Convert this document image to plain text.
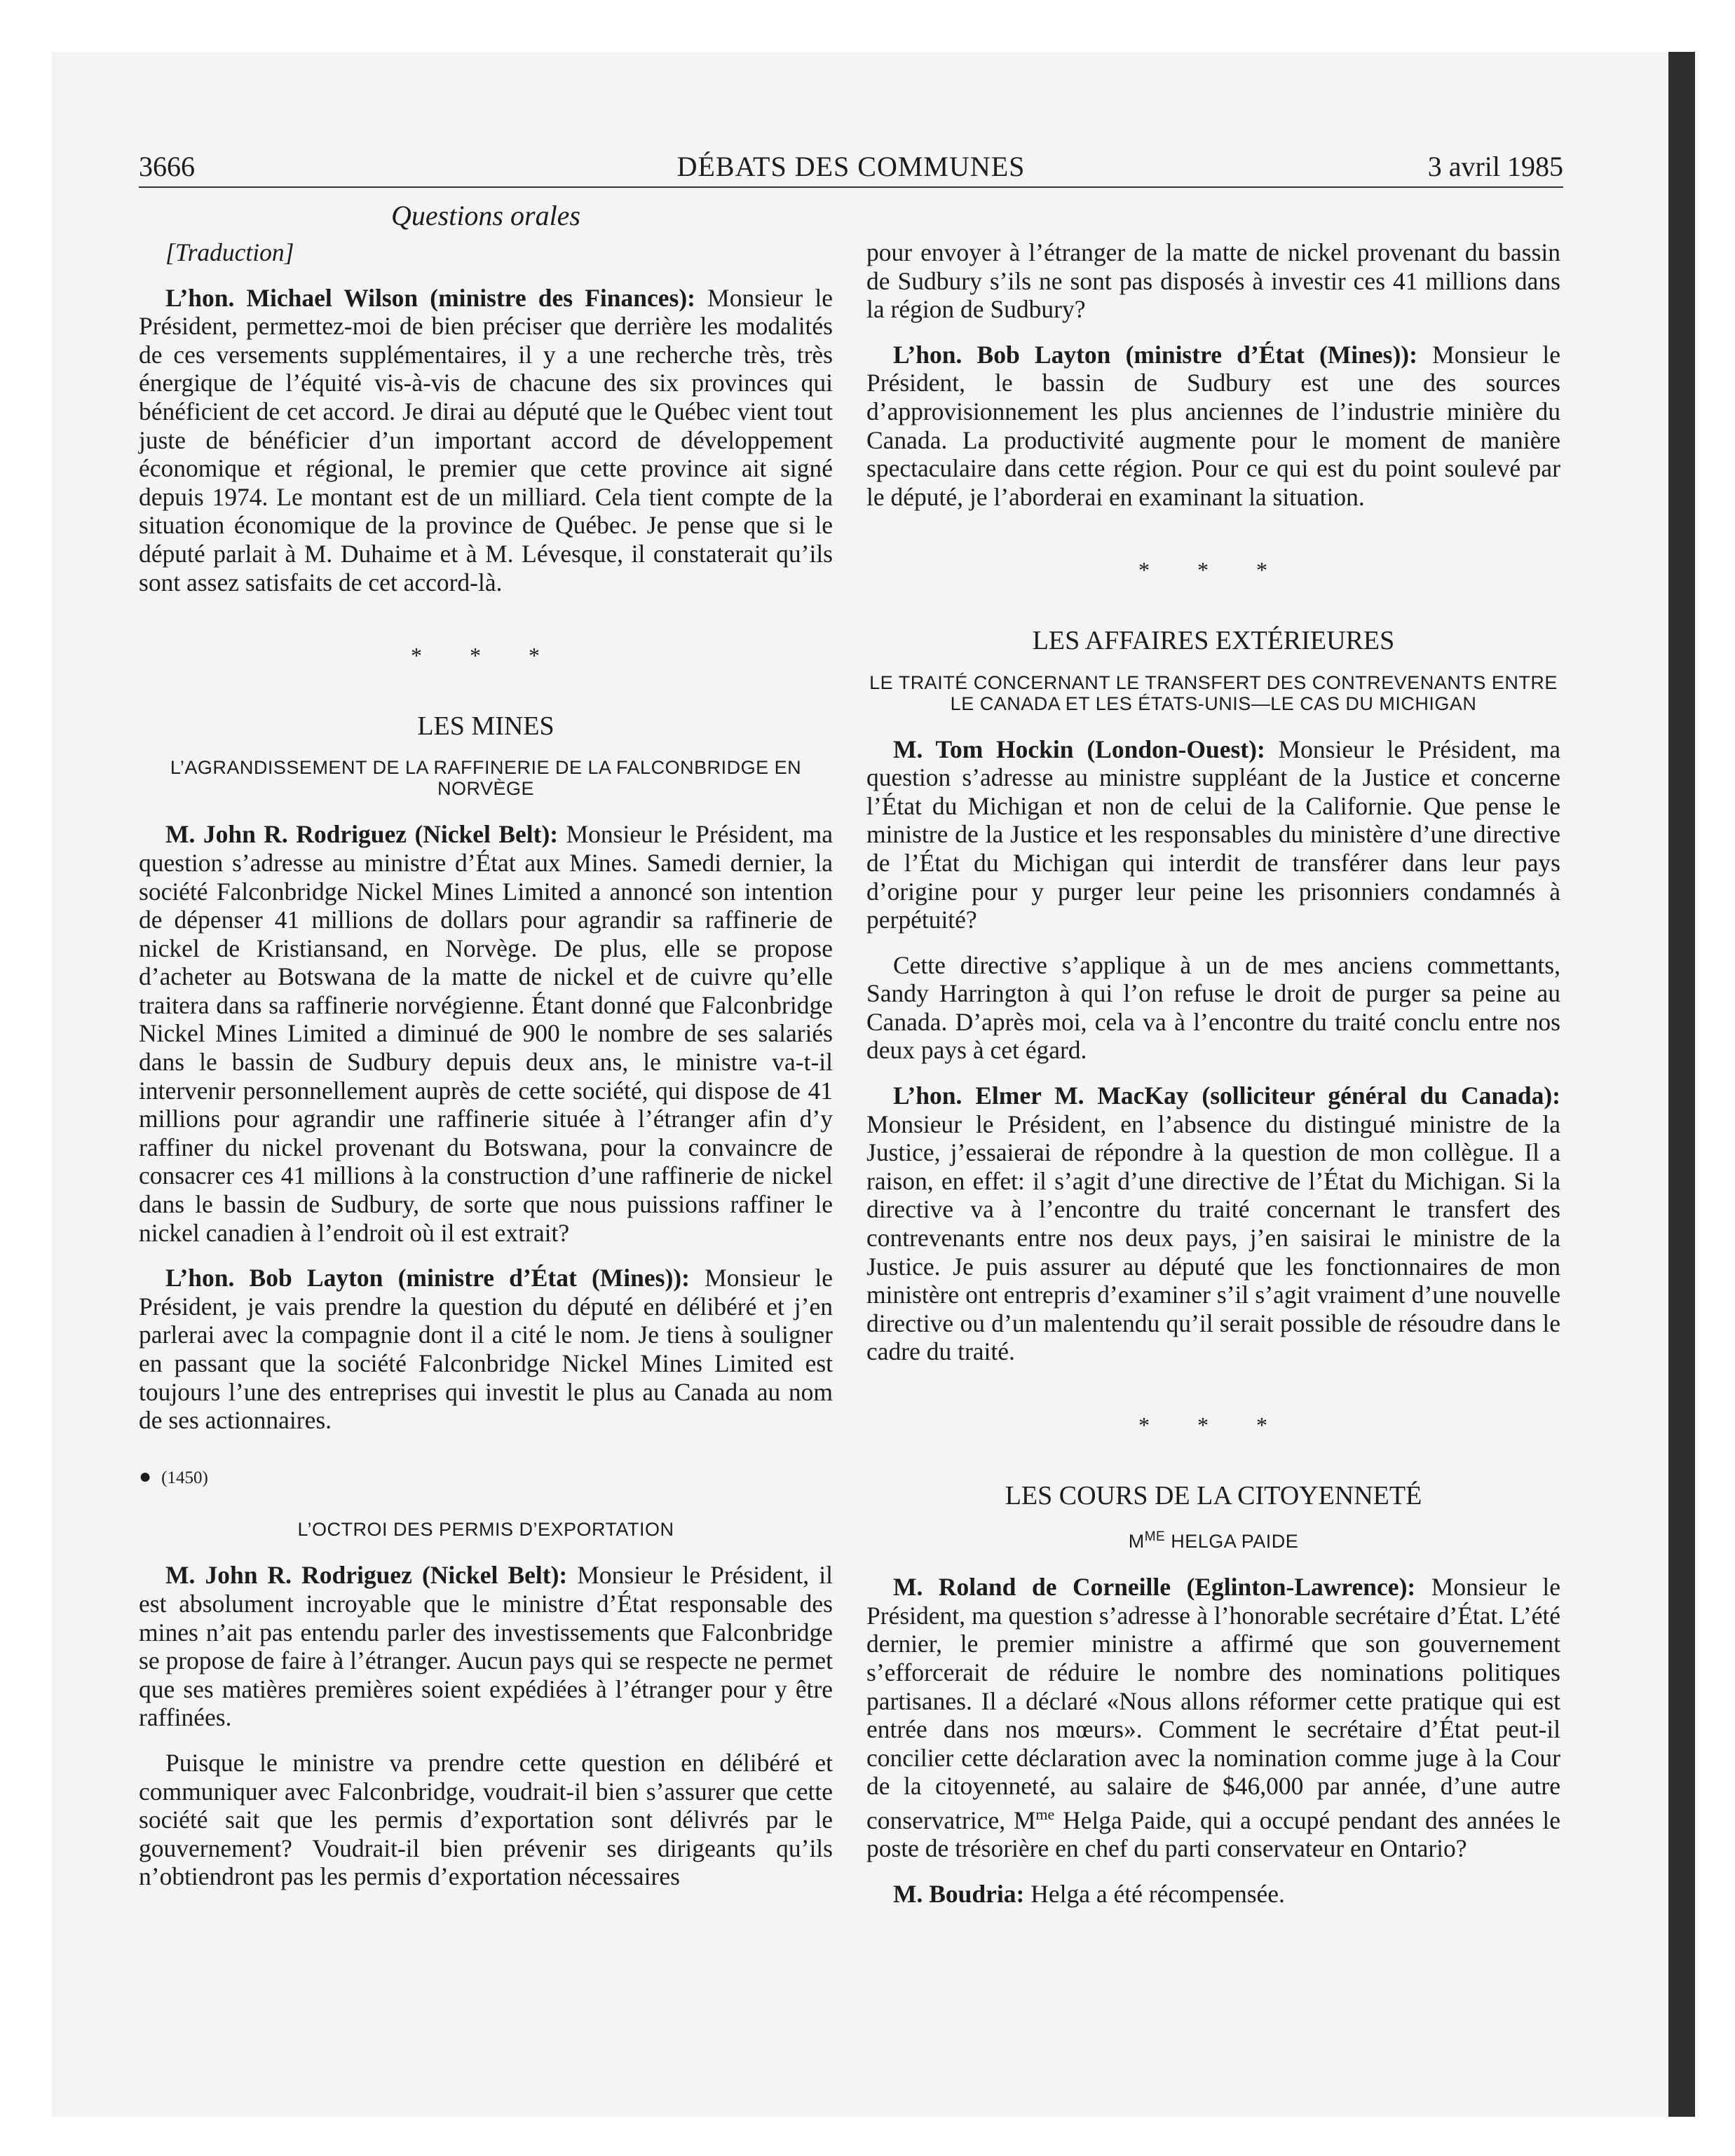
3666	DÉBATS DES COMMUNES	3 avril 1985
Questions orales

[Traduction]

L’hon. Michael Wilson (ministre des Finances): Monsieur le Président, permettez-moi de bien préciser que derrière les modalités de ces versements supplémentaires, il y a une recherche très, très énergique de l’équité vis-à-vis de chacune des six provinces qui bénéficient de cet accord. Je dirai au député que le Québec vient tout juste de bénéficier d’un important accord de développement économique et régional, le premier que cette province ait signé depuis 1974. Le montant est de un milliard. Cela tient compte de la situation économique de la province de Québec. Je pense que si le député parlait à M. Duhaime et à M. Lévesque, il constaterait qu’ils sont assez satisfaits de cet accord-là.

* * *
LES MINES
L’AGRANDISSEMENT DE LA RAFFINERIE DE LA FALCONBRIDGE EN NORVÈGE

M. John R. Rodriguez (Nickel Belt): Monsieur le Président, ma question s’adresse au ministre d’État aux Mines. Samedi dernier, la société Falconbridge Nickel Mines Limited a annoncé son intention de dépenser 41 millions de dollars pour agrandir sa raffinerie de nickel de Kristiansand, en Norvège. De plus, elle se propose d’acheter au Botswana de la matte de nickel et de cuivre qu’elle traitera dans sa raffinerie norvégienne. Étant donné que Falconbridge Nickel Mines Limited a diminué de 900 le nombre de ses salariés dans le bassin de Sudbury depuis deux ans, le ministre va-t-il intervenir personnellement auprès de cette société, qui dispose de 41 millions pour agrandir une raffinerie située à l’étranger afin d’y raffiner du nickel provenant du Botswana, pour la convaincre de consacrer ces 41 millions à la construction d’une raffinerie de nickel dans le bassin de Sudbury, de sorte que nous puissions raffiner le nickel canadien à l’endroit où il est extrait?

L’hon. Bob Layton (ministre d’État (Mines)): Monsieur le Président, je vais prendre la question du député en délibéré et j’en parlerai avec la compagnie dont il a cité le nom. Je tiens à souligner en passant que la société Falconbridge Nickel Mines Limited est toujours l’une des entreprises qui investit le plus au Canada au nom de ses actionnaires.

● (1450)
L’OCTROI DES PERMIS D’EXPORTATION

M. John R. Rodriguez (Nickel Belt): Monsieur le Président, il est absolument incroyable que le ministre d’État responsable des mines n’ait pas entendu parler des investissements que Falconbridge se propose de faire à l’étranger. Aucun pays qui se respecte ne permet que ses matières premières soient expédiées à l’étranger pour y être raffinées.

Puisque le ministre va prendre cette question en délibéré et communiquer avec Falconbridge, voudrait-il bien s’assurer que cette société sait que les permis d’exportation sont délivrés par le gouvernement? Voudrait-il bien prévenir ses dirigeants qu’ils n’obtiendront pas les permis d’exportation nécessaires

pour envoyer à l’étranger de la matte de nickel provenant du bassin de Sudbury s’ils ne sont pas disposés à investir ces 41 millions dans la région de Sudbury?

L’hon. Bob Layton (ministre d’État (Mines)): Monsieur le Président, le bassin de Sudbury est une des sources d’approvisionnement les plus anciennes de l’industrie minière du Canada. La productivité augmente pour le moment de manière spectaculaire dans cette région. Pour ce qui est du point soulevé par le député, je l’aborderai en examinant la situation.

* * *
LES AFFAIRES EXTÉRIEURES
LE TRAITÉ CONCERNANT LE TRANSFERT DES CONTREVENANTS ENTRE LE CANADA ET LES ÉTATS-UNIS—LE CAS DU MICHIGAN

M. Tom Hockin (London-Ouest): Monsieur le Président, ma question s’adresse au ministre suppléant de la Justice et concerne l’État du Michigan et non de celui de la Californie. Que pense le ministre de la Justice et les responsables du ministère d’une directive de l’État du Michigan qui interdit de transférer dans leur pays d’origine pour y purger leur peine les prisonniers condamnés à perpétuité?

Cette directive s’applique à un de mes anciens commettants, Sandy Harrington à qui l’on refuse le droit de purger sa peine au Canada. D’après moi, cela va à l’encontre du traité conclu entre nos deux pays à cet égard.

L’hon. Elmer M. MacKay (solliciteur général du Canada): Monsieur le Président, en l’absence du distingué ministre de la Justice, j’essaierai de répondre à la question de mon collègue. Il a raison, en effet: il s’agit d’une directive de l’État du Michigan. Si la directive va à l’encontre du traité concernant le transfert des contrevenants entre nos deux pays, j’en saisirai le ministre de la Justice. Je puis assurer au député que les fonctionnaires de mon ministère ont entrepris d’examiner s’il s’agit vraiment d’une nouvelle directive ou d’un malentendu qu’il serait possible de résoudre dans le cadre du traité.

* * *
LES COURS DE LA CITOYENNETÉ
$M^{ME}$ HELGA PAIDE

M. Roland de Corneille (Eglinton-Lawrence): Monsieur le Président, ma question s’adresse à l’honorable secrétaire d’État. L’été dernier, le premier ministre a affirmé que son gouvernement s’efforcerait de réduire le nombre des nominations politiques partisanes. Il a déclaré «Nous allons réformer cette pratique qui est entrée dans nos mœurs». Comment le secrétaire d’État peut-il concilier cette déclaration avec la nomination comme juge à la Cour de la citoyenneté, au salaire de $46,000 par année, d’une autre conservatrice, $M^{me}$ Helga Paide, qui a occupé pendant des années le poste de trésorière en chef du parti conservateur en Ontario?

M. Boudria: Helga a été récompensée.
